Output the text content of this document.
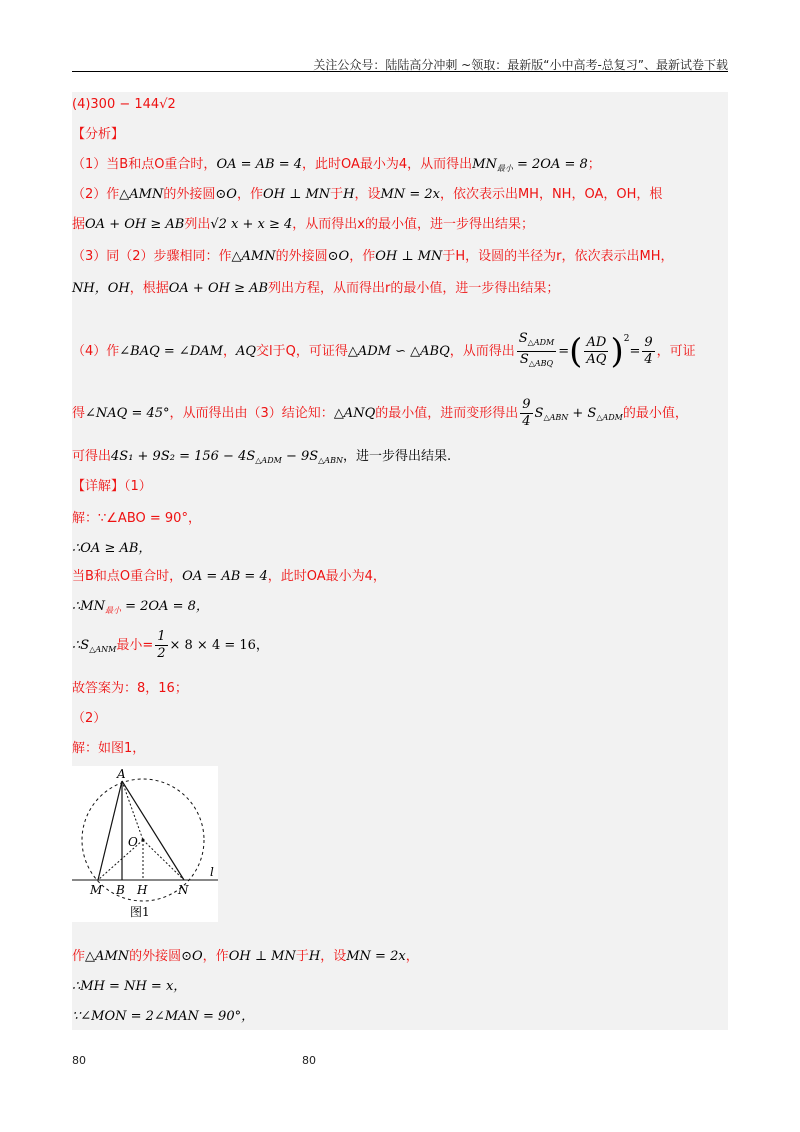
关注公众号：陆陆高分冲刺 ~领取：最新版“小中高考-总复习”、最新试卷下载
(4)300 − 144√2
【分析】
（1）当B和点O重合时，OA = AB = 4，此时OA最小为4，从而得出$MN_{最小} = 2OA = 8$；
（2）作△AMN的外接圆⊙O，作OH ⊥ MN于H，设MN = 2x，依次表示出MH，NH，OA，OH，根
据OA + OH ≥ AB列出√2 x + x ≥ 4，从而得出x的最小值，进一步得出结果；
（3）同（2）步骤相同：作△AMN的外接圆⊙O，作OH ⊥ MN于H，设圆的半径为r，依次表示出MH，
NH，OH，根据OA + OH ≥ AB列出方程，从而得出r的最小值，进一步得出结果；
（4）作∠BAQ = ∠DAM，AQ交l于Q，可证得△ADM ∽ △ABQ，从而得出 $\frac{S_{\triangle ADM}}{S_{\triangle ABQ}}$ =( $\frac{AD}{AQ} )^2= \frac{9}{4}$ ，可证
得∠NAQ = 45°，从而得出由（3）结论知：△ANQ的最小值，进而变形得出 $\frac{9}{4} S_{\triangle ABN} + S_{\triangle ADM}$的最小值，
可得出$4S_1 + 9S_2 = 156 - 4S_{\triangle ADM} - 9S_{\triangle ABN}$，进一步得出结果.
【详解】（1）
解：∵∠ABO = 90°，
∴OA ≥ AB，
当B和点O重合时，OA = AB = 4，此时OA最小为4，
$\therefore MN_{最小} = 2OA = 8$，
$\therefore S_{\triangle ANM}$最小= $\frac{1}{2} \times 8 \times 4 = 16$，
故答案为：8，16；
（2）
解：如图1，
A
O
M B H	N
l
图1
作△AMN的外接圆⊙O，作OH ⊥ MN于H，设MN = 2x，
∴MH = NH = x，
∵∠MON = 2∠MAN = 90°，
80	80
